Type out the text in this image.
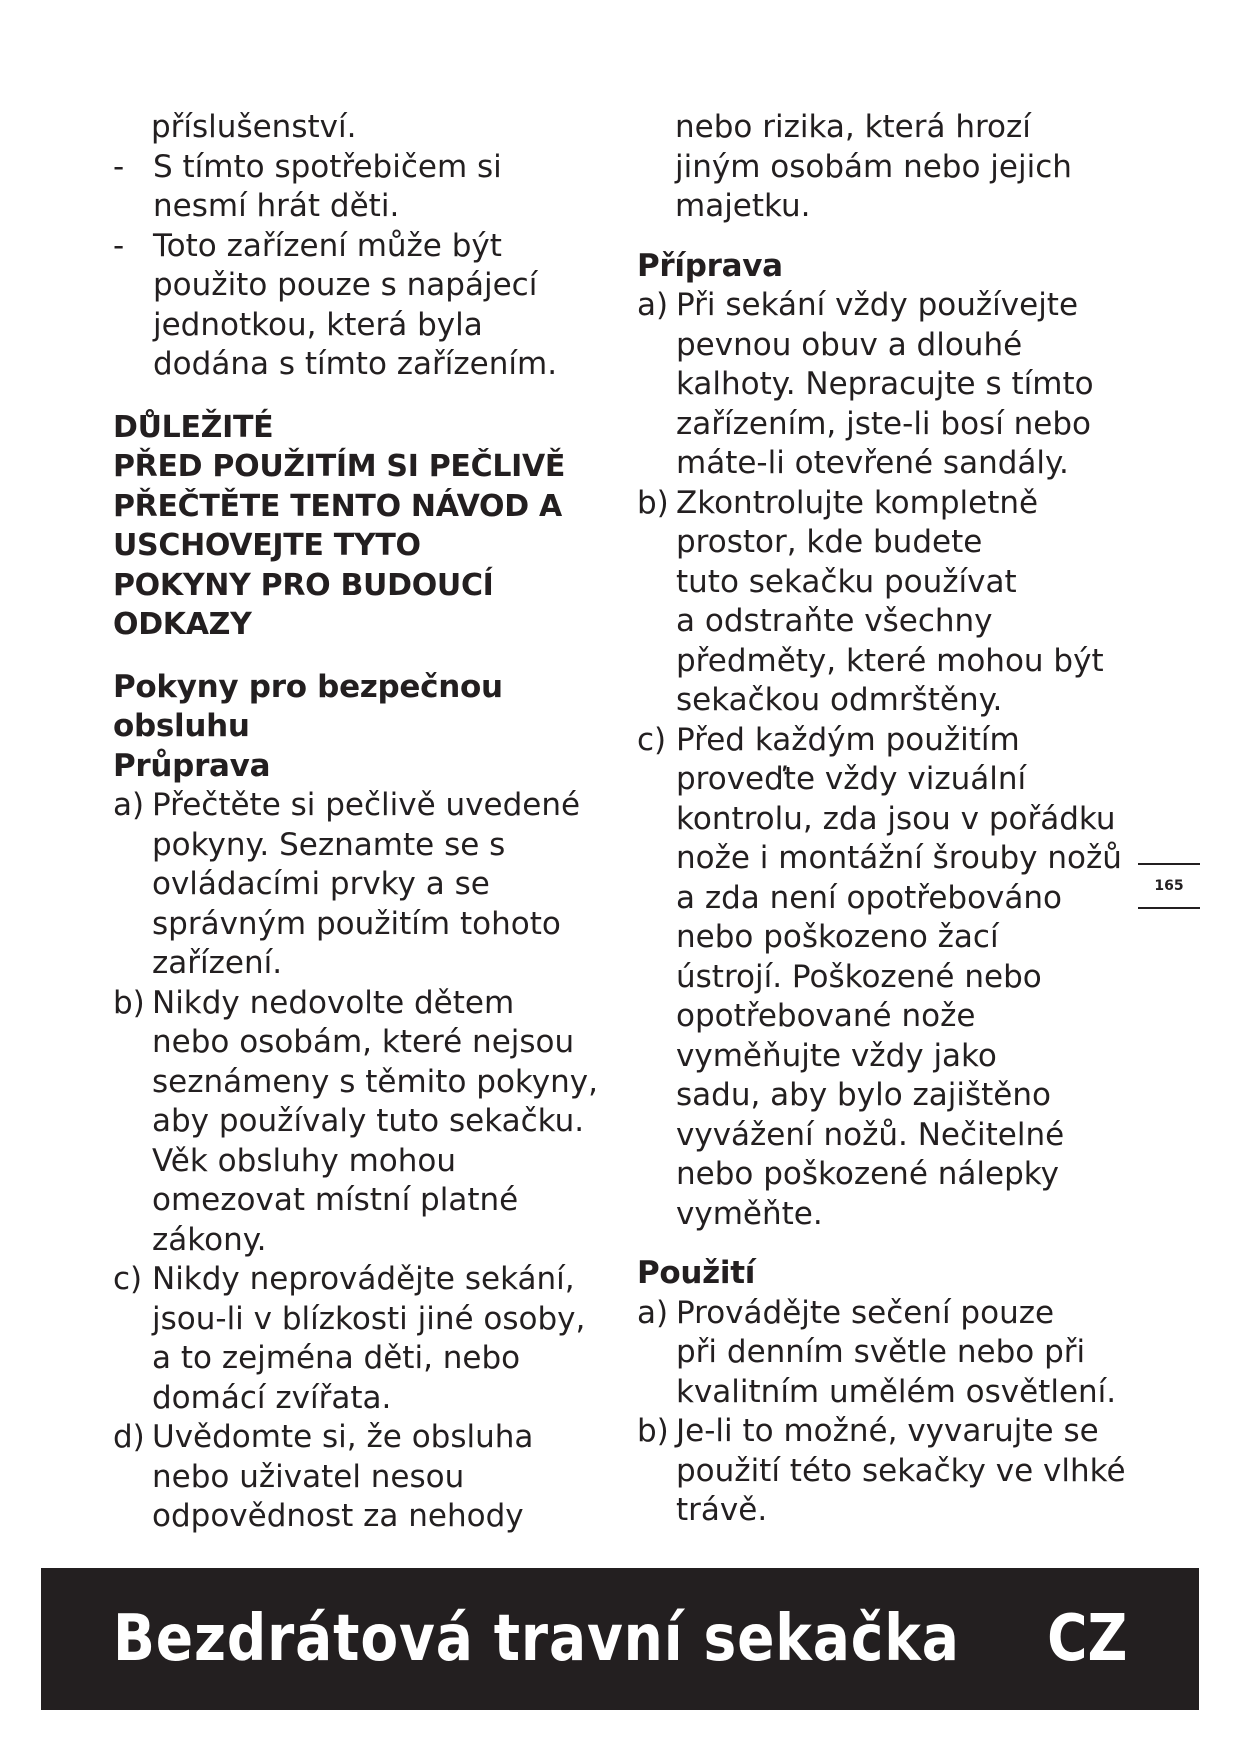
příslušenství.
- S tímto spotřebičem si
nesmí hrát děti.
- Toto zařízení může být
použito pouze s napájecí
jednotkou, která byla
dodána s tímto zařízením.
DŮLEŽITÉ
PŘED POUŽITÍM SI PEČLIVĚ
PŘEČTĚTE TENTO NÁVOD A
USCHOVEJTE TYTO
POKYNY PRO BUDOUCÍ
ODKAZY
Pokyny pro bezpečnou
obsluhu
Průprava
a) Přečtěte si pečlivě uvedené
pokyny. Seznamte se s
ovládacími prvky a se
správným použitím tohoto
zařízení.
b) Nikdy nedovolte dětem
nebo osobám, které nejsou
seznámeny s těmito pokyny,
aby používaly tuto sekačku.
Věk obsluhy mohou
omezovat místní platné
zákony.
c) Nikdy neprovádějte sekání,
jsou-li v blízkosti jiné osoby,
a to zejména děti, nebo
domácí zvířata.
d) Uvědomte si, že obsluha
nebo uživatel nesou
odpovědnost za nehody
nebo rizika, která hrozí
jiným osobám nebo jejich
majetku.
Příprava
a) Při sekání vždy používejte
pevnou obuv a dlouhé
kalhoty. Nepracujte s tímto
zařízením, jste-li bosí nebo
máte-li otevřené sandály.
b) Zkontrolujte kompletně
prostor, kde budete
tuto sekačku používat
a odstraňte všechny
předměty, které mohou být
sekačkou odmrštěny.
c) Před každým použitím
proveďte vždy vizuální
kontrolu, zda jsou v pořádku
nože i montážní šrouby nožů
a zda není opotřebováno
nebo poškozeno žací
ústrojí. Poškozené nebo
opotřebované nože
vyměňujte vždy jako
sadu, aby bylo zajištěno
vyvážení nožů. Nečitelné
nebo poškozené nálepky
vyměňte.
Použití
a) Provádějte sečení pouze
při denním světle nebo při
kvalitním umělém osvětlení.
b) Je-li to možné, vyvarujte se
použití této sekačky ve vlhké
trávě.
165
Bezdrátová travní sekačka CZ
